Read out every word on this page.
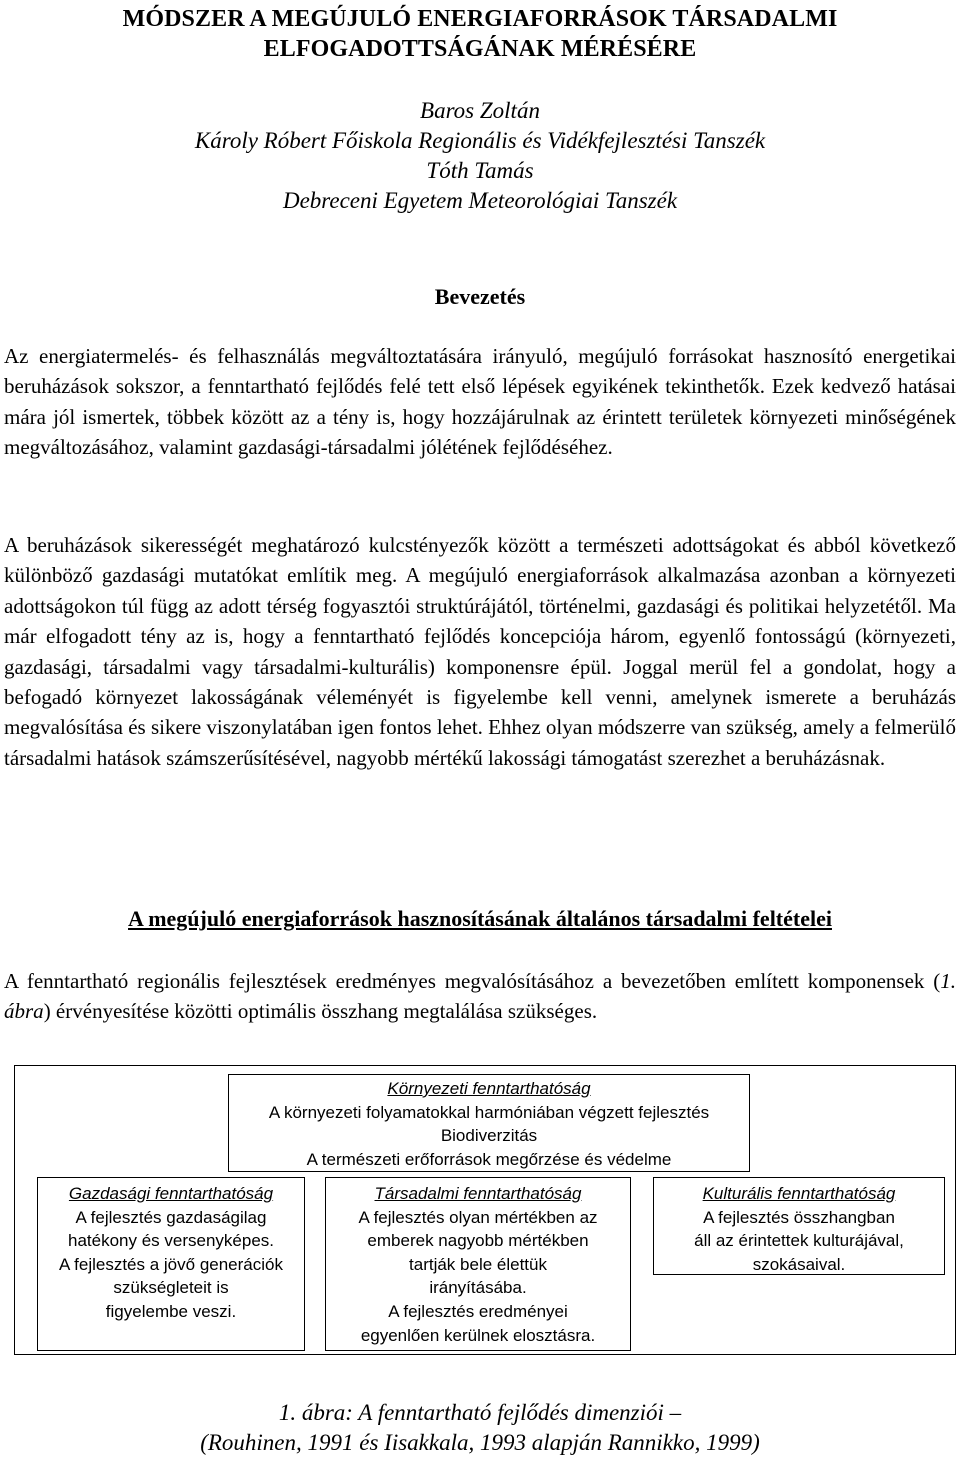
MÓDSZER A MEGÚJULÓ ENERGIAFORRÁSOK TÁRSADALMI
ELFOGADOTTSÁGÁNAK MÉRÉSÉRE
Baros Zoltán
Károly Róbert Főiskola Regionális és Vidékfejlesztési Tanszék
Tóth Tamás
Debreceni Egyetem Meteorológiai Tanszék
Bevezetés

Az energiatermelés- és felhasználás megváltoztatására irányuló, megújuló forrásokat hasznosító energetikai beruházások sokszor, a fenntartható fejlődés felé tett első lépések egyikének tekinthetők. Ezek kedvező hatásai mára jól ismertek, többek között az a tény is, hogy hozzájárulnak az érintett területek környezeti minőségének megváltozásához, valamint gazdasági-társadalmi jólétének fejlődéséhez.

A beruházások sikerességét meghatározó kulcstényezők között a természeti adottságokat és abból következő különböző gazdasági mutatókat említik meg. A megújuló energiaforrások alkalmazása azonban a környezeti adottságokon túl függ az adott térség fogyasztói struktúrájától, történelmi, gazdasági és politikai helyzetétől. Ma már elfogadott tény az is, hogy a fenntartható fejlődés koncepciója három, egyenlő fontosságú (környezeti, gazdasági, társadalmi vagy társadalmi-kulturális) komponensre épül. Joggal merül fel a gondolat, hogy a befogadó környezet lakosságának véleményét is figyelembe kell venni, amelynek ismerete a beruházás megvalósítása és sikere viszonylatában igen fontos lehet. Ehhez olyan módszerre van szükség, amely a felmerülő társadalmi hatások számszerűsítésével, nagyobb mértékű lakossági támogatást szerezhet a beruházásnak.

A megújuló energiaforrások hasznosításának általános társadalmi feltételei

A fenntartható regionális fejlesztések eredményes megvalósításához a bevezetőben említett komponensek (1. ábra) érvényesítése közötti optimális összhang megtalálása szükséges.

Környezeti fenntarthatóság
A környezeti folyamatokkal harmóniában végzett fejlesztés
Biodiverzitás
A természeti erőforrások megőrzése és védelme
Gazdasági fenntarthatóság
A fejlesztés gazdaságilag
hatékony és versenyképes.
A fejlesztés a jövő generációk
szükségleteit is
figyelembe veszi.
Társadalmi fenntarthatóság
A fejlesztés olyan mértékben az
emberek nagyobb mértékben
tartják bele élettük
irányításába.
A fejlesztés eredményei
egyenlően kerülnek elosztásra.
Kulturális fenntarthatóság
A fejlesztés összhangban
áll az érintettek kulturájával,
szokásaival.
1. ábra: A fenntartható fejlődés dimenziói –
(Rouhinen, 1991 és Iisakkala, 1993 alapján Rannikko, 1999)
